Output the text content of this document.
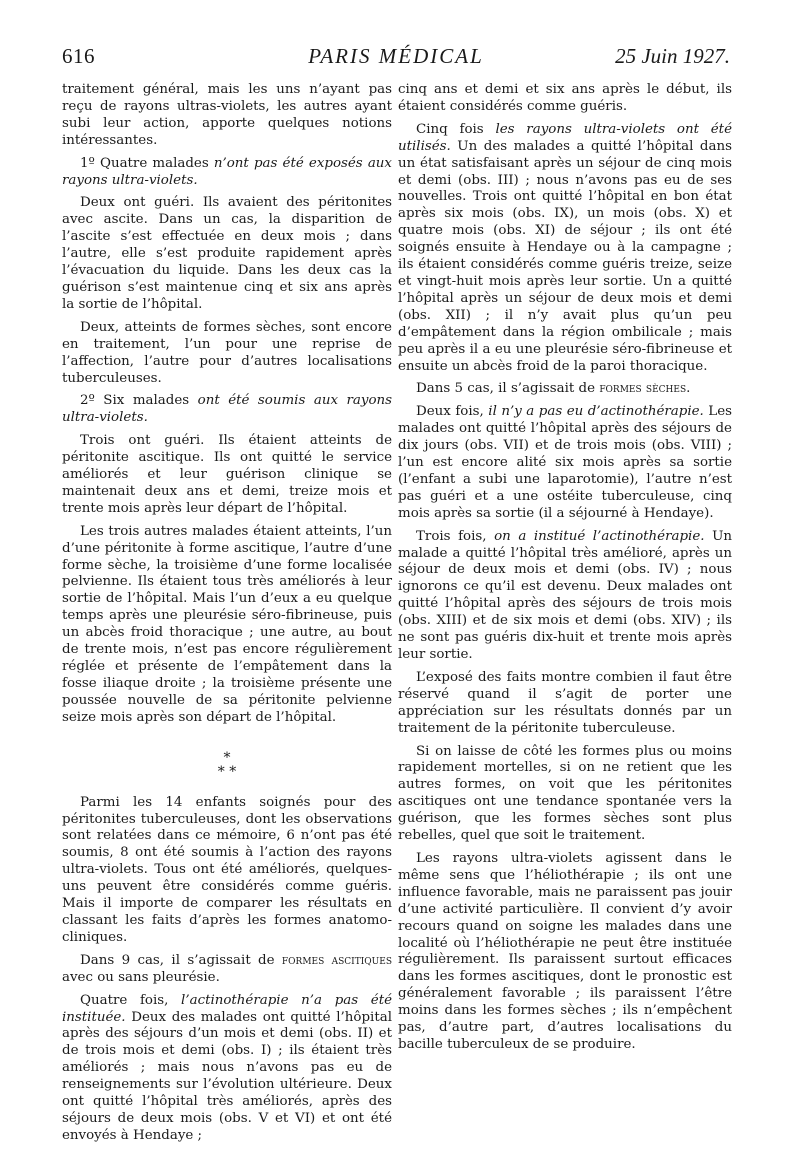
616	PARIS MÉDICAL	25 Juin 1927.

traitement général, mais les uns n’ayant pas reçu de rayons ultras-violets, les autres ayant subi leur action, apporte quelques notions intéressantes.

1º Quatre malades n’ont pas été exposés aux rayons ultra-violets.

Deux ont guéri. Ils avaient des péritonites avec ascite. Dans un cas, la disparition de l’ascite s’est effectuée en deux mois ; dans l’autre, elle s’est produite rapidement après l’évacuation du liquide. Dans les deux cas la guérison s’est maintenue cinq et six ans après la sortie de l’hôpital.

Deux, atteints de formes sèches, sont encore en traitement, l’un pour une reprise de l’affection, l’autre pour d’autres localisations tuberculeuses.

2º Six malades ont été soumis aux rayons ultra-violets.

Trois ont guéri. Ils étaient atteints de péritonite ascitique. Ils ont quitté le service améliorés et leur guérison clinique se maintenait deux ans et demi, treize mois et trente mois après leur départ de l’hôpital.

Les trois autres malades étaient atteints, l’un d’une péritonite à forme ascitique, l’autre d’une forme sèche, la troisième d’une forme localisée pelvienne. Ils étaient tous très améliorés à leur sortie de l’hôpital. Mais l’un d’eux a eu quelque temps après une pleurésie séro-fibrineuse, puis un abcès froid thoracique ; une autre, au bout de trente mois, n’est pas encore régulièrement réglée et présente de l’empâtement dans la fosse iliaque droite ; la troisième présente une poussée nouvelle de sa péritonite pelvienne seize mois après son départ de l’hôpital.

*
* *

Parmi les 14 enfants soignés pour des péritonites tuberculeuses, dont les observations sont relatées dans ce mémoire, 6 n’ont pas été soumis, 8 ont été soumis à l’action des rayons ultra-violets. Tous ont été améliorés, quelques-uns peuvent être considérés comme guéris. Mais il importe de comparer les résultats en classant les faits d’après les formes anatomo-cliniques.

Dans 9 cas, il s’agissait de formes ascitiques avec ou sans pleurésie.

Quatre fois, l’actinothérapie n’a pas été instituée. Deux des malades ont quitté l’hôpital après des séjours d’un mois et demi (obs. II) et de trois mois et demi (obs. I) ; ils étaient très améliorés ; mais nous n’avons pas eu de renseignements sur l’évolution ultérieure. Deux ont quitté l’hôpital très améliorés, après des séjours de deux mois (obs. V et VI) et ont été envoyés à Hendaye ;

cinq ans et demi et six ans après le début, ils étaient considérés comme guéris.

Cinq fois les rayons ultra-violets ont été utilisés. Un des malades a quitté l’hôpital dans un état satisfaisant après un séjour de cinq mois et demi (obs. III) ; nous n’avons pas eu de ses nouvelles. Trois ont quitté l’hôpital en bon état après six mois (obs. IX), un mois (obs. X) et quatre mois (obs. XI) de séjour ; ils ont été soignés ensuite à Hendaye ou à la campagne ; ils étaient considérés comme guéris treize, seize et vingt-huit mois après leur sortie. Un a quitté l’hôpital après un séjour de deux mois et demi (obs. XII) ; il n’y avait plus qu’un peu d’empâtement dans la région ombilicale ; mais peu après il a eu une pleurésie séro-fibrineuse et ensuite un abcès froid de la paroi thoracique.

Dans 5 cas, il s’agissait de formes sèches.

Deux fois, il n’y a pas eu d’actinothérapie. Les malades ont quitté l’hôpital après des séjours de dix jours (obs. VII) et de trois mois (obs. VIII) ; l’un est encore alité six mois après sa sortie (l’enfant a subi une laparotomie), l’autre n’est pas guéri et a une ostéite tuberculeuse, cinq mois après sa sortie (il a séjourné à Hendaye).

Trois fois, on a institué l’actinothérapie. Un malade a quitté l’hôpital très amélioré, après un séjour de deux mois et demi (obs. IV) ; nous ignorons ce qu’il est devenu. Deux malades ont quitté l’hôpital après des séjours de trois mois (obs. XIII) et de six mois et demi (obs. XIV) ; ils ne sont pas guéris dix-huit et trente mois après leur sortie.

L’exposé des faits montre combien il faut être réservé quand il s’agit de porter une appréciation sur les résultats donnés par un traitement de la péritonite tuberculeuse.

Si on laisse de côté les formes plus ou moins rapidement mortelles, si on ne retient que les autres formes, on voit que les péritonites ascitiques ont une tendance spontanée vers la guérison, que les formes sèches sont plus rebelles, quel que soit le traitement.

Les rayons ultra-violets agissent dans le même sens que l’héliothérapie ; ils ont une influence favorable, mais ne paraissent pas jouir d’une activité particulière. Il convient d’y avoir recours quand on soigne les malades dans une localité où l’héliothérapie ne peut être instituée régulièrement. Ils paraissent surtout efficaces dans les formes ascitiques, dont le pronostic est généralement favorable ; ils paraissent l’être moins dans les formes sèches ; ils n’empêchent pas, d’autre part, d’autres localisations du bacille tuberculeux de se produire.
